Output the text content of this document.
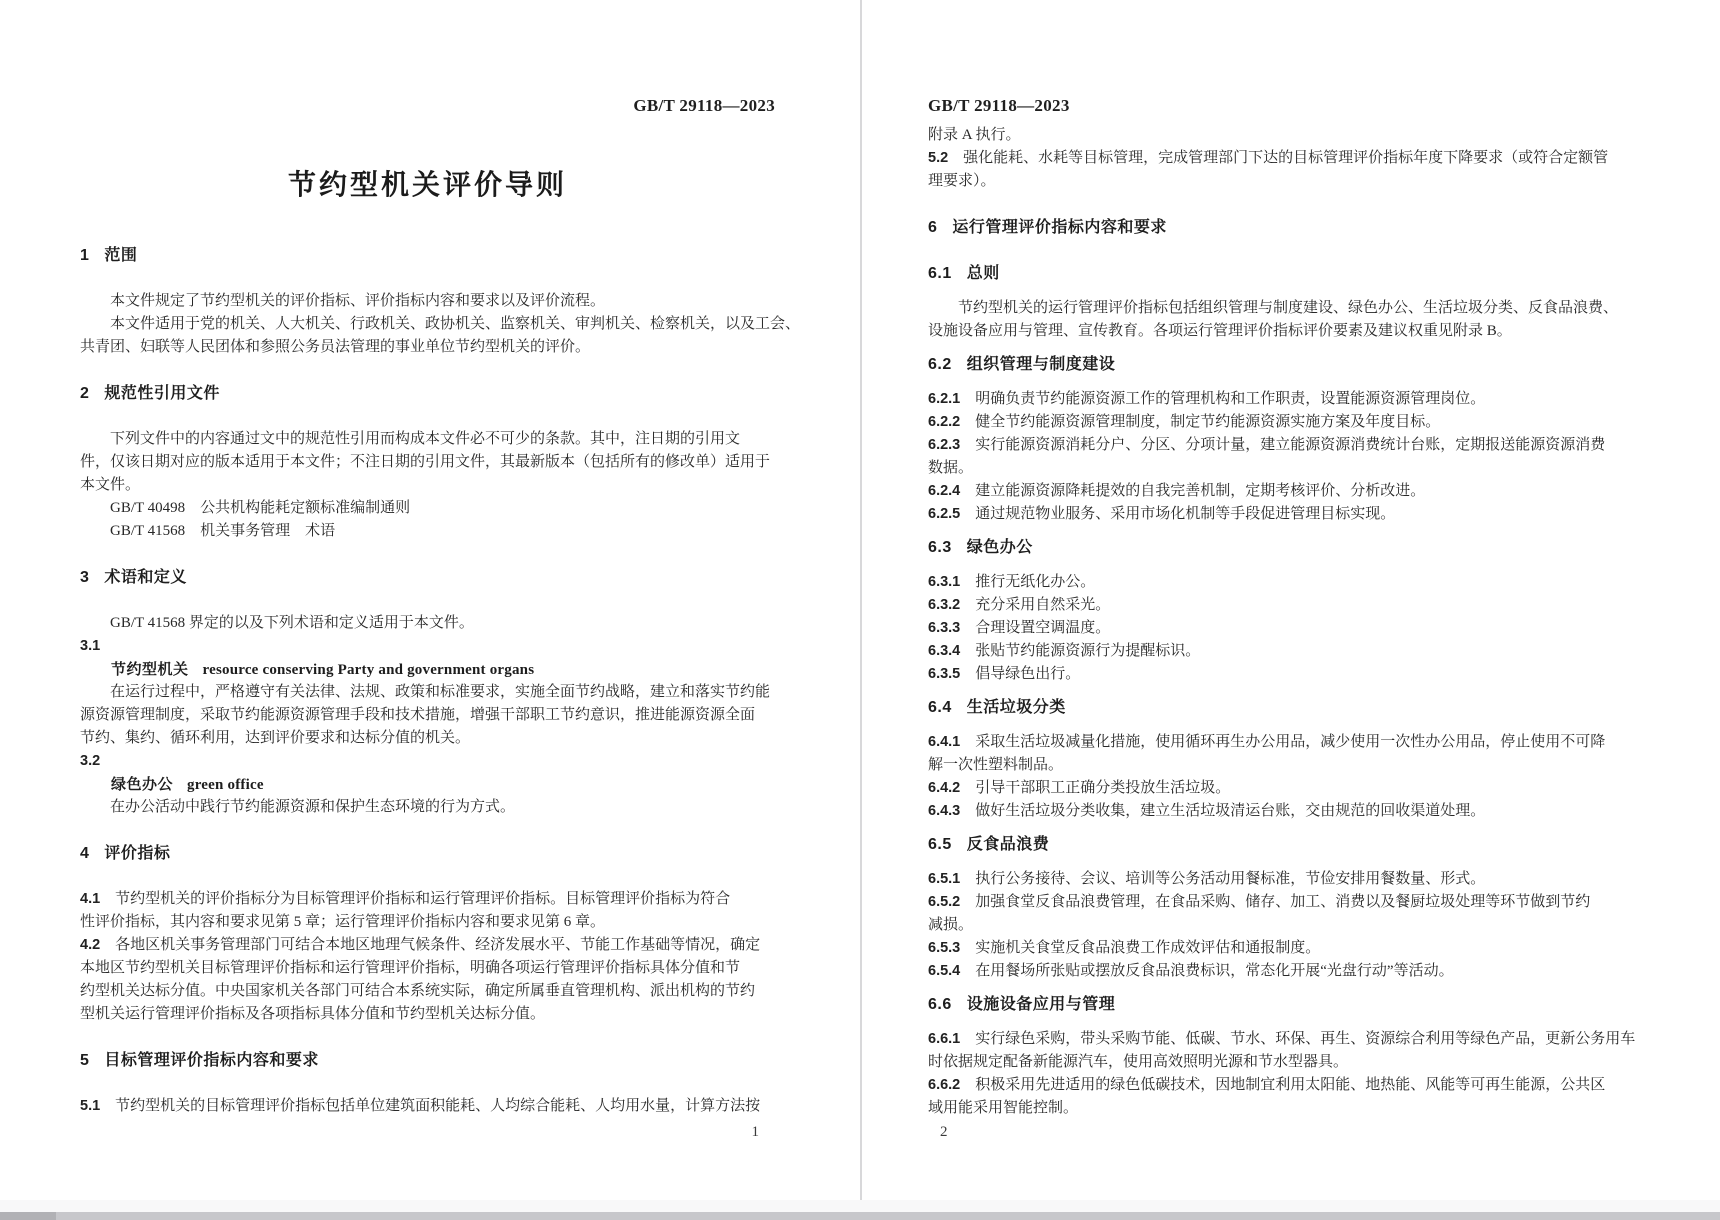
GB/T 29118—2023
节约型机关评价导则
1 范围
　　本文件规定了节约型机关的评价指标、评价指标内容和要求以及评价流程。
　　本文件适用于党的机关、人大机关、行政机关、政协机关、监察机关、审判机关、检察机关，以及工会、
共青团、妇联等人民团体和参照公务员法管理的事业单位节约型机关的评价。
2 规范性引用文件
　　下列文件中的内容通过文中的规范性引用而构成本文件必不可少的条款。其中，注日期的引用文
件，仅该日期对应的版本适用于本文件；不注日期的引用文件，其最新版本（包括所有的修改单）适用于
本文件。
　　GB/T 40498　公共机构能耗定额标准编制通则
　　GB/T 41568　机关事务管理　术语
3 术语和定义
　　GB/T 41568 界定的以及下列术语和定义适用于本文件。
3.1
节约型机关 resource conserving Party and government organs
　　在运行过程中，严格遵守有关法律、法规、政策和标准要求，实施全面节约战略，建立和落实节约能
源资源管理制度，采取节约能源资源管理手段和技术措施，增强干部职工节约意识，推进能源资源全面
节约、集约、循环利用，达到评价要求和达标分值的机关。
3.2
绿色办公 green office
　　在办公活动中践行节约能源资源和保护生态环境的行为方式。
4 评价指标
4.1　节约型机关的评价指标分为目标管理评价指标和运行管理评价指标。目标管理评价指标为符合
性评价指标，其内容和要求见第 5 章；运行管理评价指标内容和要求见第 6 章。
4.2　各地区机关事务管理部门可结合本地区地理气候条件、经济发展水平、节能工作基础等情况，确定
本地区节约型机关目标管理评价指标和运行管理评价指标，明确各项运行管理评价指标具体分值和节
约型机关达标分值。中央国家机关各部门可结合本系统实际，确定所属垂直管理机构、派出机构的节约
型机关运行管理评价指标及各项指标具体分值和节约型机关达标分值。
5 目标管理评价指标内容和要求
5.1　节约型机关的目标管理评价指标包括单位建筑面积能耗、人均综合能耗、人均用水量，计算方法按
1
GB/T 29118—2023
附录 A 执行。
5.2　强化能耗、水耗等目标管理，完成管理部门下达的目标管理评价指标年度下降要求（或符合定额管
理要求）。
6 运行管理评价指标内容和要求
6.1 总则
　　节约型机关的运行管理评价指标包括组织管理与制度建设、绿色办公、生活垃圾分类、反食品浪费、
设施设备应用与管理、宣传教育。各项运行管理评价指标评价要素及建议权重见附录 B。
6.2 组织管理与制度建设
6.2.1　明确负责节约能源资源工作的管理机构和工作职责，设置能源资源管理岗位。
6.2.2　健全节约能源资源管理制度，制定节约能源资源实施方案及年度目标。
6.2.3　实行能源资源消耗分户、分区、分项计量，建立能源资源消费统计台账，定期报送能源资源消费
数据。
6.2.4　建立能源资源降耗提效的自我完善机制，定期考核评价、分析改进。
6.2.5　通过规范物业服务、采用市场化机制等手段促进管理目标实现。
6.3 绿色办公
6.3.1　推行无纸化办公。
6.3.2　充分采用自然采光。
6.3.3　合理设置空调温度。
6.3.4　张贴节约能源资源行为提醒标识。
6.3.5　倡导绿色出行。
6.4 生活垃圾分类
6.4.1　采取生活垃圾减量化措施，使用循环再生办公用品，减少使用一次性办公用品，停止使用不可降
解一次性塑料制品。
6.4.2　引导干部职工正确分类投放生活垃圾。
6.4.3　做好生活垃圾分类收集，建立生活垃圾清运台账，交由规范的回收渠道处理。
6.5 反食品浪费
6.5.1　执行公务接待、会议、培训等公务活动用餐标准，节俭安排用餐数量、形式。
6.5.2　加强食堂反食品浪费管理，在食品采购、储存、加工、消费以及餐厨垃圾处理等环节做到节约
减损。
6.5.3　实施机关食堂反食品浪费工作成效评估和通报制度。
6.5.4　在用餐场所张贴或摆放反食品浪费标识，常态化开展“光盘行动”等活动。
6.6 设施设备应用与管理
6.6.1　实行绿色采购，带头采购节能、低碳、节水、环保、再生、资源综合利用等绿色产品，更新公务用车
时依据规定配备新能源汽车，使用高效照明光源和节水型器具。
6.6.2　积极采用先进适用的绿色低碳技术，因地制宜利用太阳能、地热能、风能等可再生能源，公共区
域用能采用智能控制。
2
